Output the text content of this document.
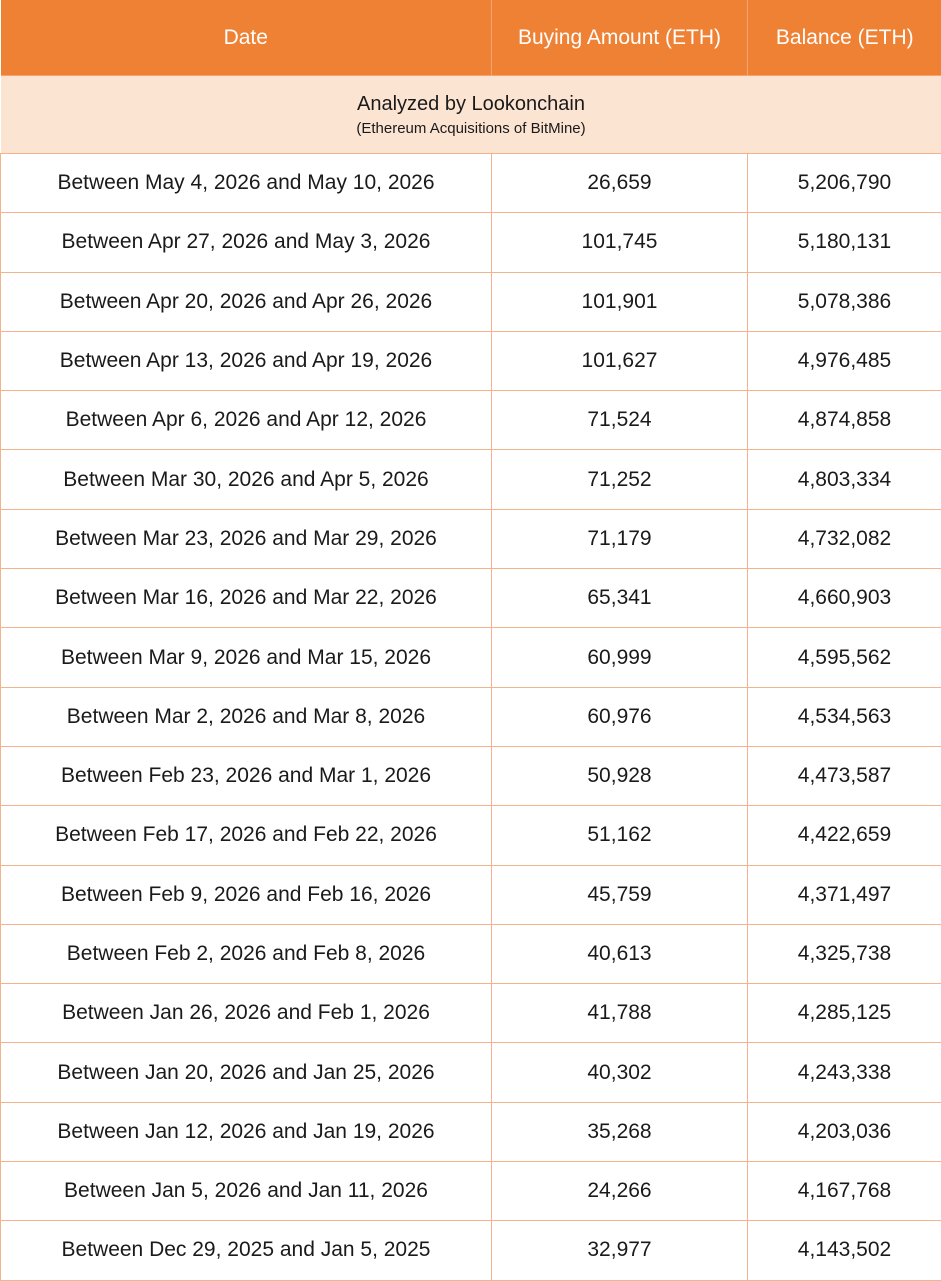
Date	Buying Amount (ETH)	Balance (ETH)

Analyzed by Lookonchain
(Ethereum Acquisitions of BitMine)		

Between May 4, 2026 and May 10, 2026	26,659	5,206,790
Between Apr 27, 2026 and May 3, 2026	101,745	5,180,131
Between Apr 20, 2026 and Apr 26, 2026	101,901	5,078,386
Between Apr 13, 2026 and Apr 19, 2026	101,627	4,976,485
Between Apr 6, 2026 and Apr 12, 2026	71,524	4,874,858
Between Mar 30, 2026 and Apr 5, 2026	71,252	4,803,334
Between Mar 23, 2026 and Mar 29, 2026	71,179	4,732,082
Between Mar 16, 2026 and Mar 22, 2026	65,341	4,660,903
Between Mar 9, 2026 and Mar 15, 2026	60,999	4,595,562
Between Mar 2, 2026 and Mar 8, 2026	60,976	4,534,563
Between Feb 23, 2026 and Mar 1, 2026	50,928	4,473,587
Between Feb 17, 2026 and Feb 22, 2026	51,162	4,422,659
Between Feb 9, 2026 and Feb 16, 2026	45,759	4,371,497
Between Feb 2, 2026 and Feb 8, 2026	40,613	4,325,738
Between Jan 26, 2026 and Feb 1, 2026	41,788	4,285,125
Between Jan 20, 2026 and Jan 25, 2026	40,302	4,243,338
Between Jan 12, 2026 and Jan 19, 2026	35,268	4,203,036
Between Jan 5, 2026 and Jan 11, 2026	24,266	4,167,768
Between Dec 29, 2025 and Jan 5, 2025	32,977	4,143,502
